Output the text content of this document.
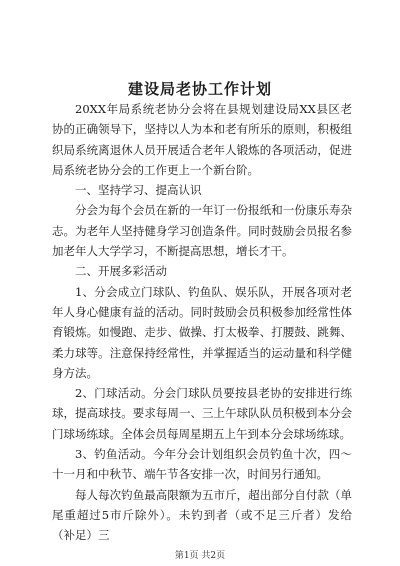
建设局老协工作计划

20XX年局系统老协分会将在县规划建设局XX县区老协的正确领导下，坚持以人为本和老有所乐的原则，积极组织局系统离退休人员开展适合老年人锻炼的各项活动，促进局系统老协分会的工作更上一个新台阶。

一、坚持学习、提高认识

分会为每个会员在新的一年订一份报纸和一份康乐寿杂志。为老年人坚持健身学习创造条件。同时鼓励会员报名参加老年人大学学习，不断提高思想，增长才干。

二、开展多彩活动

1、分会成立门球队、钓鱼队、娱乐队，开展各项对老年人身心健康有益的活动。同时鼓励会员积极参加经常性体育锻炼。如慢跑、走步、做操、打太极拳、打腰鼓、跳舞、柔力球等。注意保持经常性，并掌握适当的运动量和科学健身方法。

2、门球活动。分会门球队员要按县老协的安排进行练球，提高球技。要求每周一、三上午球队队员积极到本分会门球场练球。全体会员每周星期五上午到本分会球场练球。

3、钓鱼活动。今年分会计划组织会员钓鱼十次，四～十一月和中秋节、端午节各安排一次，时间另行通知。

每人每次钓鱼最高限额为五市斤，超出部分自付款（单尾重超过5市斤除外）。未钓到者（或不足三斤者）发给（补足）三

第1页 共2页
